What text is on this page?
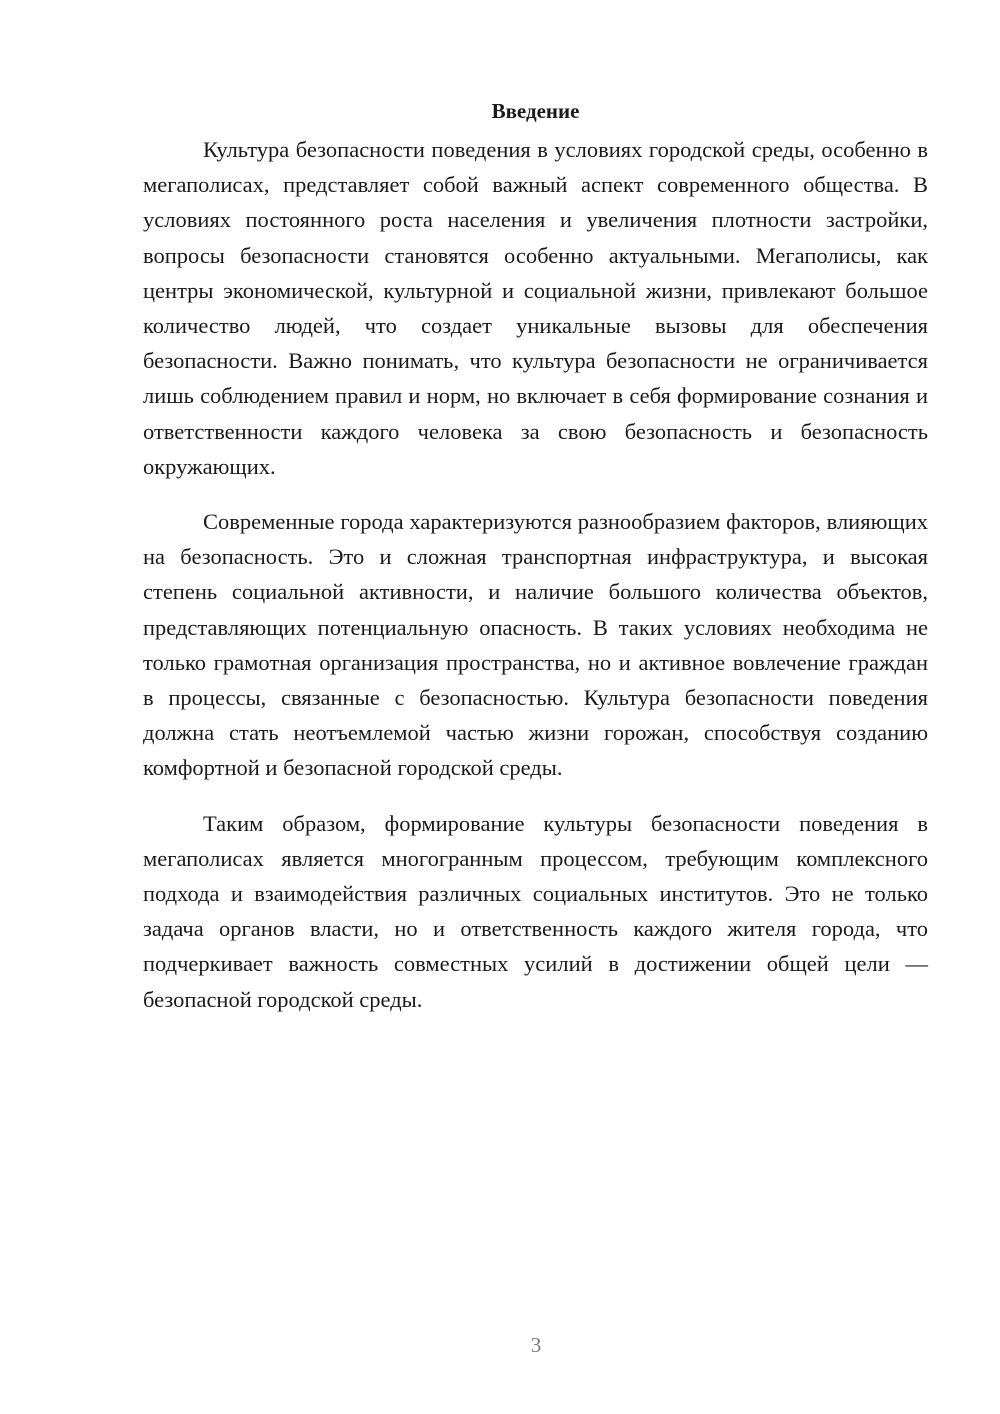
Введение

Культура безопасности поведения в условиях городской среды, особенно в мегаполисах, представляет собой важный аспект современного общества. В условиях постоянного роста населения и увеличения плотности застройки, вопросы безопасности становятся особенно актуальными. Мегаполисы, как центры экономической, культурной и социальной жизни, привлекают большое количество людей, что создает уникальные вызовы для обеспечения безопасности. Важно понимать, что культура безопасности не ограничивается лишь соблюдением правил и норм, но включает в себя формирование сознания и ответственности каждого человека за свою безопасность и безопасность окружающих.

Современные города характеризуются разнообразием факторов, влияющих на безопасность. Это и сложная транспортная инфраструктура, и высокая степень социальной активности, и наличие большого количества объектов, представляющих потенциальную опасность. В таких условиях необходима не только грамотная организация пространства, но и активное вовлечение граждан в процессы, связанные с безопасностью. Культура безопасности поведения должна стать неотъемлемой частью жизни горожан, способствуя созданию комфортной и безопасной городской среды.

Таким образом, формирование культуры безопасности поведения в мегаполисах является многогранным процессом, требующим комплексного подхода и взаимодействия различных социальных институтов. Это не только задача органов власти, но и ответственность каждого жителя города, что подчеркивает важность совместных усилий в достижении общей цели — безопасной городской среды.

3
